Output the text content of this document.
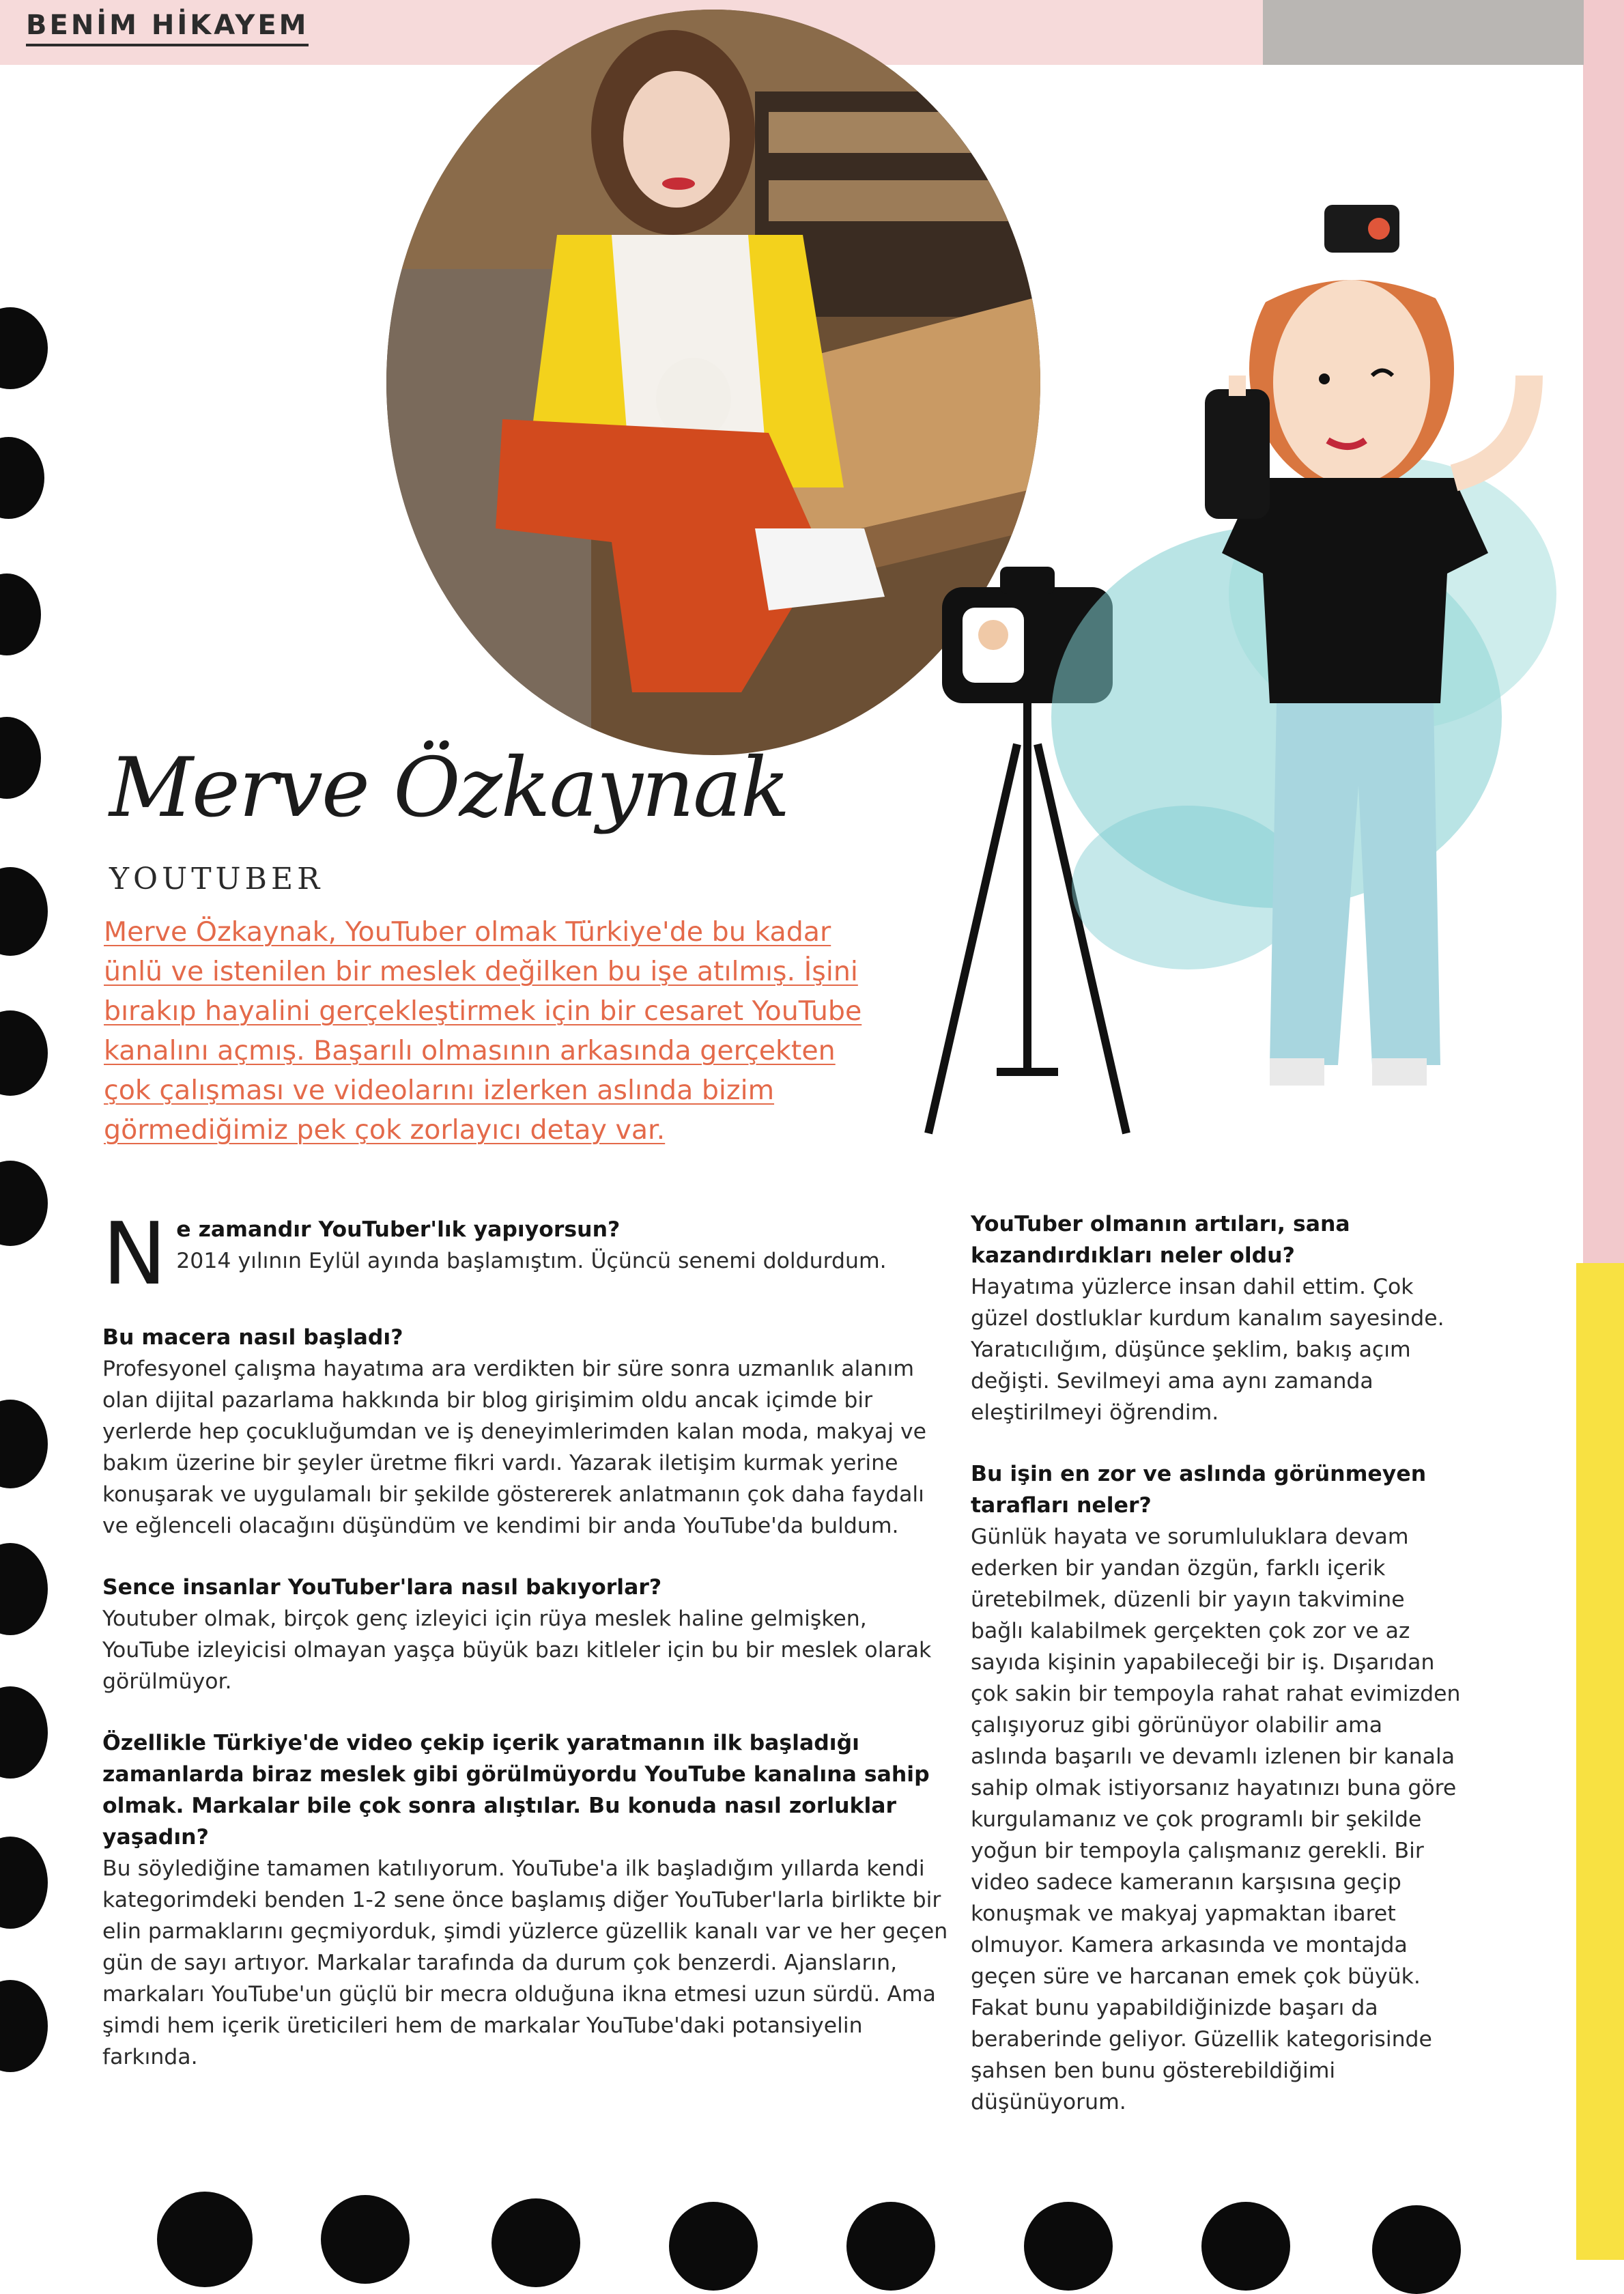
BENİM HİKAYEM
Merve Özkaynak
YOUTUBER
Merve Özkaynak, YouTuber olmak Türkiye'de bu kadar
ünlü ve istenilen bir meslek değilken bu işe atılmış. İşini
bırakıp hayalini gerçekleştirmek için bir cesaret YouTube
kanalını açmış. Başarılı olmasının arkasında gerçekten
çok çalışması ve videolarını izlerken aslında bizim
görmediğimiz pek çok zorlayıcı detay var.
N e zamandır YouTuber'lık yapıyorsun?

2014 yılının Eylül ayında başlamıştım. Üçüncü senemi doldurdum.

Bu macera nasıl başladı?

Profesyonel çalışma hayatıma ara verdikten bir süre sonra uzmanlık alanım olan dijital pazarlama hakkında bir blog girişimim oldu ancak içimde bir yerlerde hep çocukluğumdan ve iş deneyimlerimden kalan moda, makyaj ve bakım üzerine bir şeyler üretme fikri vardı. Yazarak iletişim kurmak yerine konuşarak ve uygulamalı bir şekilde göstererek anlatmanın çok daha faydalı ve eğlenceli olacağını düşündüm ve kendimi bir anda YouTube'da buldum.

Sence insanlar YouTuber'lara nasıl bakıyorlar?

Youtuber olmak, birçok genç izleyici için rüya meslek haline gelmişken, YouTube izleyicisi olmayan yaşça büyük bazı kitleler için bu bir meslek olarak görülmüyor.

Özellikle Türkiye'de video çekip içerik yaratmanın ilk başladığı zamanlarda biraz meslek gibi görülmüyordu YouTube kanalına sahip olmak. Markalar bile çok sonra alıştılar. Bu konuda nasıl zorluklar yaşadın?

Bu söylediğine tamamen katılıyorum. YouTube'a ilk başladığım yıllarda kendi kategorimdeki benden 1-2 sene önce başlamış diğer YouTuber'larla birlikte bir elin parmaklarını geçmiyorduk, şimdi yüzlerce güzellik kanalı var ve her geçen gün de sayı artıyor. Markalar tarafında da durum çok benzerdi. Ajansların, markaları YouTube'un güçlü bir mecra olduğuna ikna etmesi uzun sürdü. Ama şimdi hem içerik üreticileri hem de markalar YouTube'daki potansiyelin farkında.

YouTuber olmanın artıları, sana kazandırdıkları neler oldu?

Hayatıma yüzlerce insan dahil ettim. Çok güzel dostluklar kurdum kanalım sayesinde. Yaratıcılığım, düşünce şeklim, bakış açım değişti. Sevilmeyi ama aynı zamanda eleştirilmeyi öğrendim.

Bu işin en zor ve aslında görünmeyen tarafları neler?

Günlük hayata ve sorumluluklara devam ederken bir yandan özgün, farklı içerik üretebilmek, düzenli bir yayın takvimine bağlı kalabilmek gerçekten çok zor ve az sayıda kişinin yapabileceği bir iş. Dışarıdan çok sakin bir tempoyla rahat rahat evimizden çalışıyoruz gibi görünüyor olabilir ama aslında başarılı ve devamlı izlenen bir kanala sahip olmak istiyorsanız hayatınızı buna göre kurgulamanız ve çok programlı bir şekilde yoğun bir tempoyla çalışmanız gerekli. Bir video sadece kameranın karşısına geçip konuşmak ve makyaj yapmaktan ibaret olmuyor. Kamera arkasında ve montajda geçen süre ve harcanan emek çok büyük. Fakat bunu yapabildiğinizde başarı da beraberinde geliyor. Güzellik kategorisinde şahsen ben bunu gösterebildiğimi düşünüyorum.
